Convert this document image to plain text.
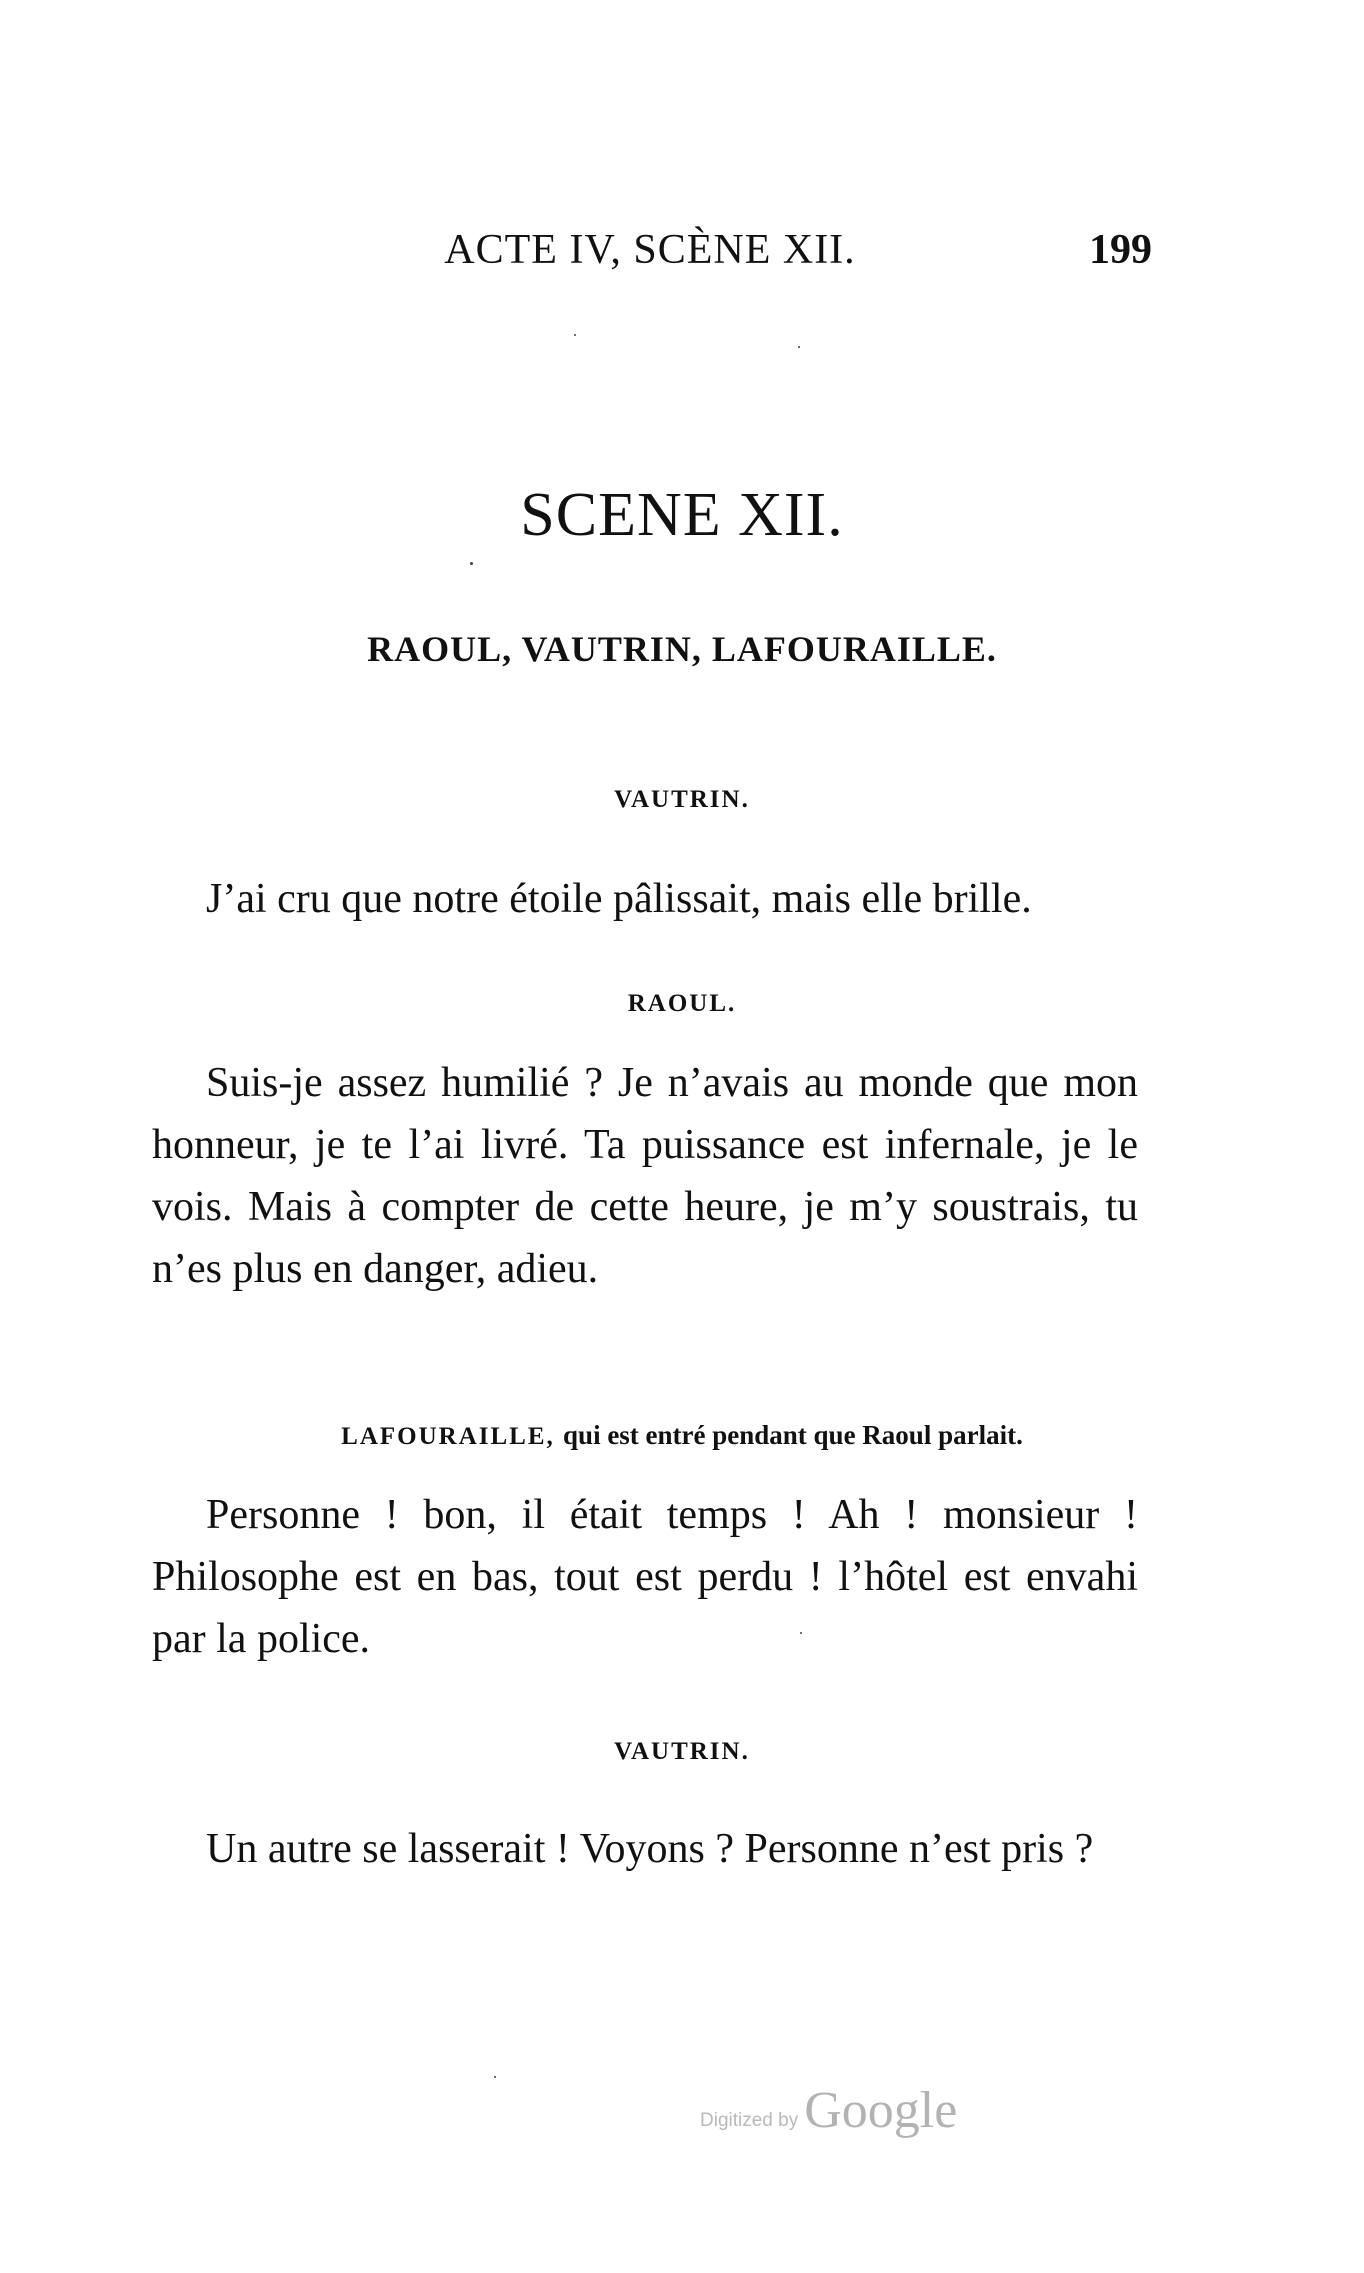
ACTE IV, SCÈNE XII.	199
SCENE XII.
RAOUL, VAUTRIN, LAFOURAILLE.
VAUTRIN.

J’ai cru que notre étoile pâlissait, mais elle brille.

RAOUL.

Suis-je assez humilié ? Je n’avais au monde que mon honneur, je te l’ai livré. Ta puissance est infernale, je le vois. Mais à compter de cette heure, je m’y soustrais, tu n’es plus en danger, adieu.

LAFOURAILLE, qui est entré pendant que Raoul parlait.

Personne ! bon, il était temps ! Ah ! monsieur ! Philosophe est en bas, tout est perdu ! l’hôtel est envahi par la police.

VAUTRIN.

Un autre se lasserait ! Voyons ? Personne n’est pris ?

Digitized by Google
